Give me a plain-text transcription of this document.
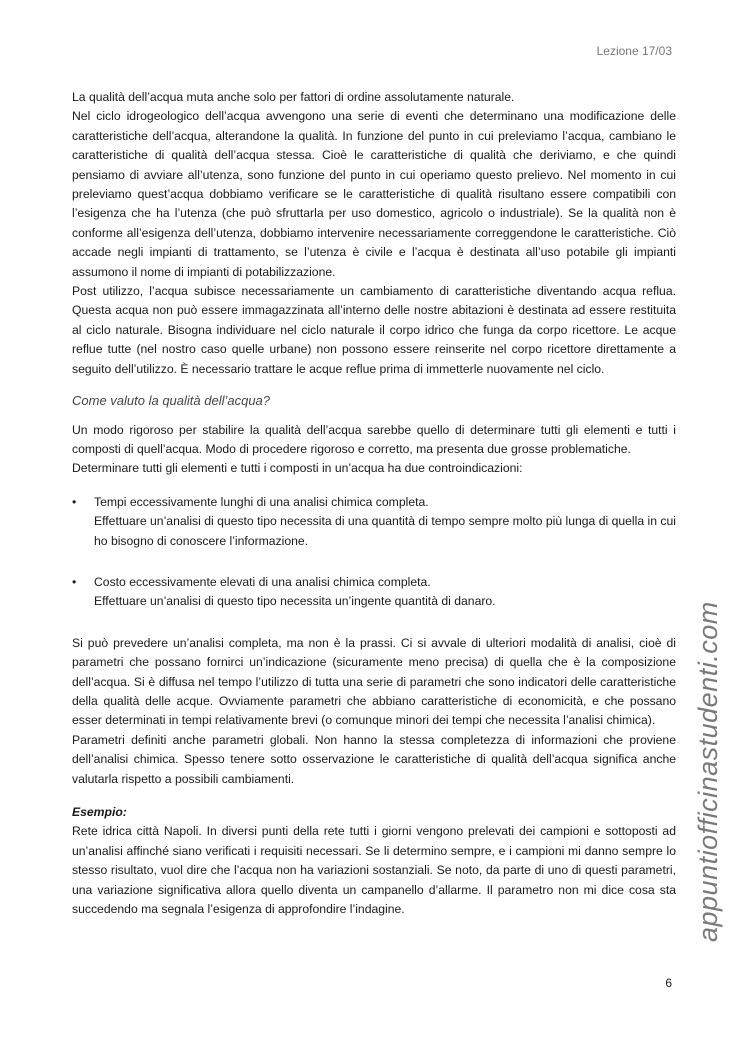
Lezione 17/03

La qualità dell’acqua muta anche solo per fattori di ordine assolutamente naturale.

Nel ciclo idrogeologico dell’acqua avvengono una serie di eventi che determinano una modificazione delle caratteristiche dell’acqua, alterandone la qualità. In funzione del punto in cui preleviamo l’acqua, cambiano le caratteristiche di qualità dell’acqua stessa. Cioè le caratteristiche di qualità che deriviamo, e che quindi pensiamo di avviare all’utenza, sono funzione del punto in cui operiamo questo prelievo. Nel momento in cui preleviamo quest’acqua dobbiamo verificare se le caratteristiche di qualità risultano essere compatibili con l’esigenza che ha l’utenza (che può sfruttarla per uso domestico, agricolo o industriale). Se la qualità non è conforme all’esigenza dell’utenza, dobbiamo intervenire necessariamente correggendone le caratteristiche. Ciò accade negli impianti di trattamento, se l’utenza è civile e l’acqua è destinata all’uso potabile gli impianti assumono il nome di impianti di potabilizzazione.

Post utilizzo, l’acqua subisce necessariamente un cambiamento di caratteristiche diventando acqua reflua. Questa acqua non può essere immagazzinata all’interno delle nostre abitazioni è destinata ad essere restituita al ciclo naturale. Bisogna individuare nel ciclo naturale il corpo idrico che funga da corpo ricettore. Le acque reflue tutte (nel nostro caso quelle urbane) non possono essere reinserite nel corpo ricettore direttamente a seguito dell’utilizzo. È necessario trattare le acque reflue prima di immetterle nuovamente nel ciclo.

Come valuto la qualità dell’acqua?

Un modo rigoroso per stabilire la qualità dell’acqua sarebbe quello di determinare tutti gli elementi e tutti i composti di quell’acqua. Modo di procedere rigoroso e corretto, ma presenta due grosse problematiche.

Determinare tutti gli elementi e tutti i composti in un’acqua ha due controindicazioni:

• Tempi eccessivamente lunghi di una analisi chimica completa.
Effettuare un’analisi di questo tipo necessita di una quantità di tempo sempre molto più lunga di quella in cui ho bisogno di conoscere l’informazione.
• Costo eccessivamente elevati di una analisi chimica completa.
Effettuare un’analisi di questo tipo necessita un’ingente quantità di danaro.

Si può prevedere un’analisi completa, ma non è la prassi. Ci si avvale di ulteriori modalità di analisi, cioè di parametri che possano fornirci un’indicazione (sicuramente meno precisa) di quella che è la composizione dell’acqua. Si è diffusa nel tempo l’utilizzo di tutta una serie di parametri che sono indicatori delle caratteristiche della qualità delle acque. Ovviamente parametri che abbiano caratteristiche di economicità, e che possano esser determinati in tempi relativamente brevi (o comunque minori dei tempi che necessita l’analisi chimica).

Parametri definiti anche parametri globali. Non hanno la stessa completezza di informazioni che proviene dell’analisi chimica. Spesso tenere sotto osservazione le caratteristiche di qualità dell’acqua significa anche valutarla rispetto a possibili cambiamenti.

Esempio:

Rete idrica città Napoli. In diversi punti della rete tutti i giorni vengono prelevati dei campioni e sottoposti ad un’analisi affinché siano verificati i requisiti necessari. Se li determino sempre, e i campioni mi danno sempre lo stesso risultato, vuol dire che l’acqua non ha variazioni sostanziali. Se noto, da parte di uno di questi parametri, una variazione significativa allora quello diventa un campanello d’allarme. Il parametro non mi dice cosa sta succedendo ma segnala l’esigenza di approfondire l’indagine.

6
appuntiofficinastudenti.com
